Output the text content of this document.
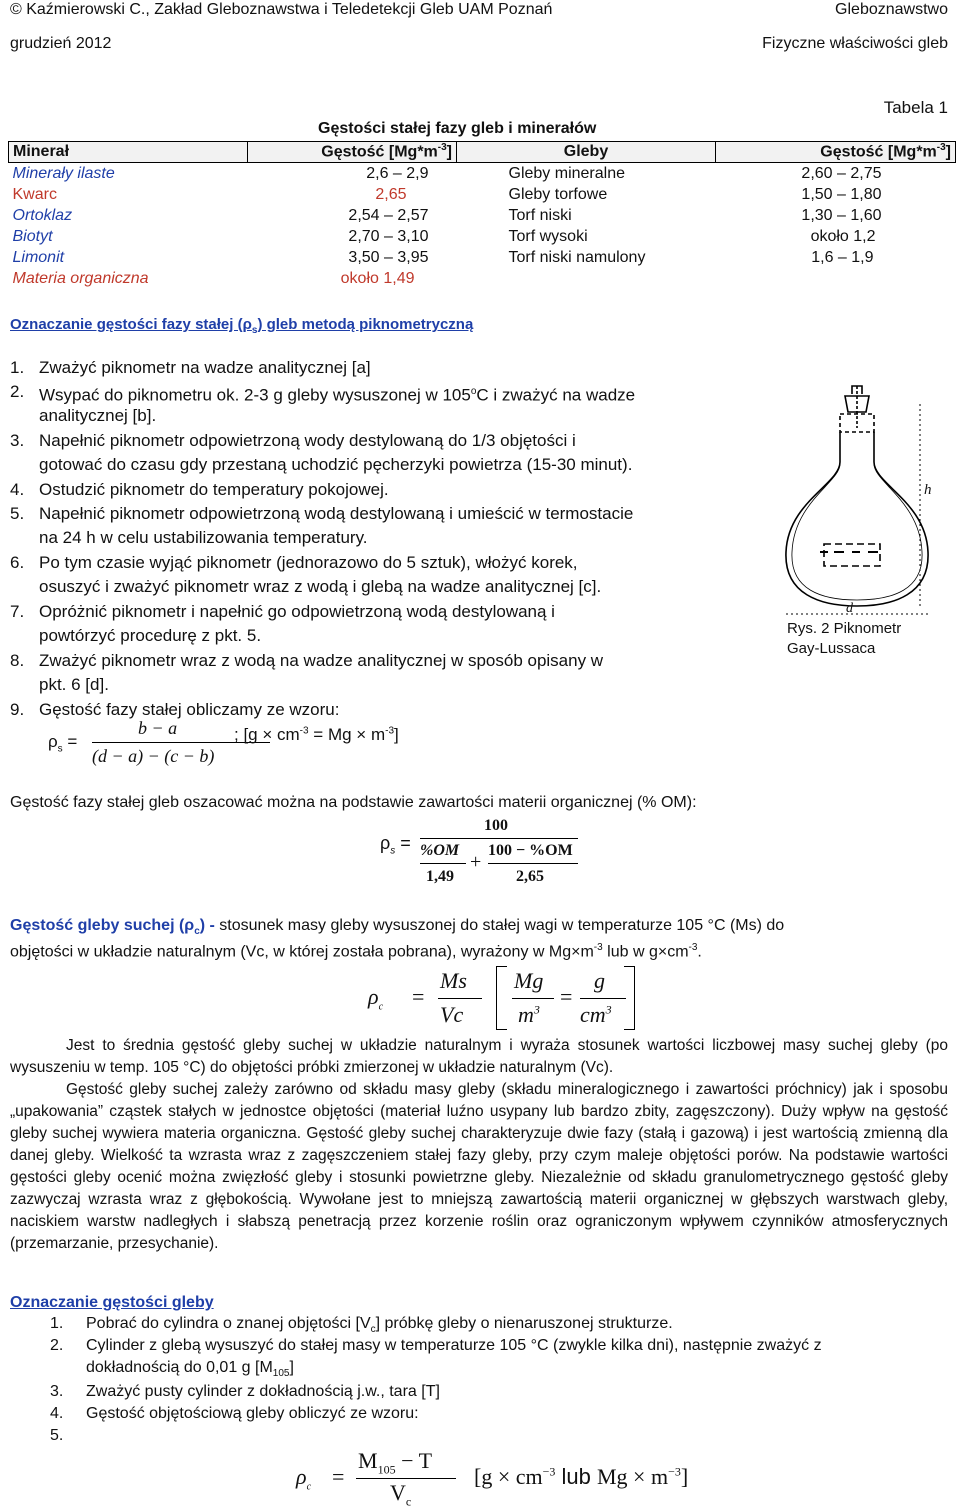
© Kaźmierowski C., Zakład Gleboznawstwa i Teledetekcji Gleb UAM Poznań	Gleboznawstwo
grudzień 2012	Fizyczne właściwości gleb
Tabela 1
Gęstości stałej fazy gleb i minerałów
Minerał	Gęstość $[Mg*m^{-3}]$	Gleby	Gęstość $[Mg*m^{-3}]$
Minerały ilaste	2,6 – 2,9	Gleby mineralne	2,60 – 2,75
Kwarc	2,65	Gleby torfowe	1,50 – 1,80
Ortoklaz	2,54 – 2,57	Torf niski	1,30 – 1,60
Biotyt	2,70 – 3,10	Torf wysoki	około 1,2
Limonit	3,50 – 3,95	Torf niski namulony	1,6 – 1,9
Materia organiczna	około 1,49		
Oznaczanie gęstości fazy stałej $(\rho_s)$ gleb metodą piknometryczną
1. Zważyć piknometr na wadze analitycznej [a]
2. Wsypać do piknometru ok. 2-3 g gleby wysuszonej w 105$^o$C i zważyć na wadze
analitycznej [b].
3. Napełnić piknometr odpowietrzoną wody destylowaną do 1/3 objętości i
gotować do czasu gdy przestaną uchodzić pęcherzyki powietrza (15-30 minut).
4. Ostudzić piknometr do temperatury pokojowej.
5. Napełnić piknometr odpowietrzoną wodą destylowaną i umieścić w termostacie
na 24 h w celu ustabilizowania temperatury.
6. Po tym czasie wyjąć piknometr (jednorazowo do 5 sztuk), włożyć korek,
osuszyć i zważyć piknometr wraz z wodą i glebą na wadze analitycznej [c].
7. Opróżnić piknometr i napełnić go odpowietrzoną wodą destylowaną i
powtórzyć procedurę z pkt. 5.
8. Zważyć piknometr wraz z wodą na wadze analitycznej w sposób opisany w
pkt. 6 [d].
9. Gęstość fazy stałej obliczamy ze wzoru:
$\rho_s$ =
b − a
(d − a) − (c − b)
; $[g \times cm^{-3} = Mg \times m^{-3}]$
h
d
Rys. 2 Piknometr
Gay-Lussaca
Gęstość fazy stałej gleb oszacować można na podstawie zawartości materii organicznej (% OM):
$\rho_s$ =
100
%OM
1,49
+
100 − %OM
2,65
Gęstość gleby suchej $(\rho_c)$ - stosunek masy gleby wysuszonej do stałej wagi w temperaturze 105 °C (Ms) do
objętości w układzie naturalnym (Vc, w której została pobrana), wyrażony w $Mg\times m^{-3}$ lub w $g\times cm^{-3}$.
$\rho_c$ =
Ms
Vc
Mg
$m^3$
=
g
$cm^3$
Jest to średnia gęstość gleby suchej w układzie naturalnym i wyraża stosunek wartości liczbowej masy suchej gleby (po wysuszeniu w temp. 105 °C) do objętości próbki zmierzonej w układzie naturalnym (Vc).
Gęstość gleby suchej zależy zarówno od składu masy gleby (składu mineralogicznego i zawartości próchnicy) jak i sposobu „upakowania” cząstek stałych w jednostce objętości (materiał luźno usypany lub bardzo zbity, zagęszczony). Duży wpływ na gęstość gleby suchej wywiera materia organiczna. Gęstość gleby suchej charakteryzuje dwie fazy (stałą i gazową) i jest wartością zmienną dla danej gleby. Wielkość ta wzrasta wraz z zagęszczeniem stałej fazy gleby, przy czym maleje objętości porów. Na podstawie wartości gęstości gleby ocenić można zwięzłość gleby i stosunki powietrzne gleby. Niezależnie od składu granulometrycznego gęstość gleby zazwyczaj wzrasta wraz z głębokością. Wywołane jest to mniejszą zawartością materii organicznej w głębszych warstwach gleby, naciskiem warstw nadległych i słabszą penetracją przez korzenie roślin oraz ograniczonym wpływem czynników atmosferycznych (przemarzanie, przesychanie).
Oznaczanie gęstości gleby
1. Pobrać do cylindra o znanej objętości $[V_c]$ próbkę gleby o nienaruszonej strukturze.
2. Cylinder z glebą wysuszyć do stałej masy w temperaturze 105 °C (zwykle kilka dni), następnie zważyć z
dokładnością do 0,01 g $[M_{105}]$
3. Zważyć pusty cylinder z dokładnością j.w., tara [T]
4. Gęstość objętościową gleby obliczyć ze wzoru:
5.
$\rho_c$ =
$M_{105} - T$
$V_c$
[$g \times cm^{-3}$ lub $Mg \times m^{-3}$]
